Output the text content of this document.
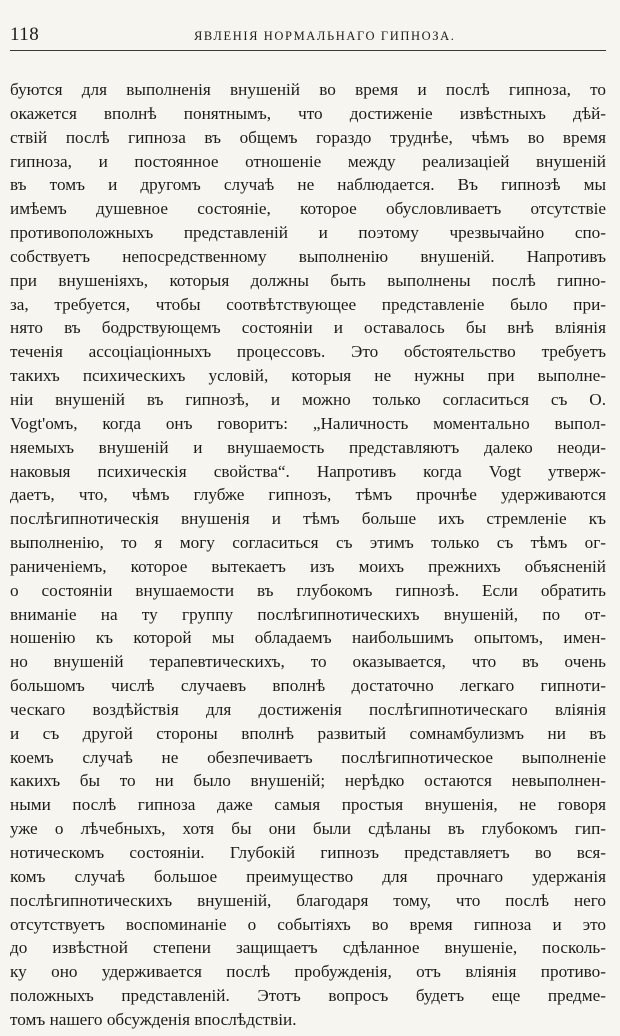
118	ЯВЛЕНІЯ НОРМАЛЬНАГО ГИПНОЗА.
буются для выполненія внушеній во время и послѣ гипноза, то
окажется вполнѣ понятнымъ, что достиженіе извѣстныхъ дѣй-
ствій послѣ гипноза въ общемъ гораздо труднѣе, чѣмъ во время
гипноза, и постоянное отношеніе между реализаціей внушеній
въ томъ и другомъ случаѣ не наблюдается. Въ гипнозѣ мы
имѣемъ душевное состояніе, которое обусловливаетъ отсутствіе
противоположныхъ представленій и поэтому чрезвычайно спо-
собствуетъ непосредственному выполненію внушеній. Напротивъ
при внушеніяхъ, которыя должны быть выполнены послѣ гипно-
за, требуется, чтобы соотвѣтствующее представленіе было при-
нято въ бодрствующемъ состояніи и оставалось бы внѣ вліянія
теченія ассоціаціонныхъ процессовъ. Это обстоятельство требуетъ
такихъ психическихъ условій, которыя не нужны при выполне-
ніи внушеній въ гипнозѣ, и можно только согласиться съ О.
Vogt'омъ, когда онъ говоритъ: „Наличность моментально выпол-
няемыхъ внушеній и внушаемость представляютъ далеко неоди-
наковыя психическія свойства“. Напротивъ когда Vogt утверж-
даетъ, что, чѣмъ глубже гипнозъ, тѣмъ прочнѣе удерживаются
послѣгипнотическія внушенія и тѣмъ больше ихъ стремленіе къ
выполненію, то я могу согласиться съ этимъ только съ тѣмъ ог-
раниченіемъ, которое вытекаетъ изъ моихъ прежнихъ объясненій
о состояніи внушаемости въ глубокомъ гипнозѣ. Если обратить
вниманіе на ту группу послѣгипнотическихъ внушеній, по от-
ношенію къ которой мы обладаемъ наибольшимъ опытомъ, имен-
но внушеній терапевтическихъ, то оказывается, что въ очень
большомъ числѣ случаевъ вполнѣ достаточно легкаго гипноти-
ческаго воздѣйствія для достиженія послѣгипнотическаго вліянія
и съ другой стороны вполнѣ развитый сомнамбулизмъ ни въ
коемъ случаѣ не обезпечиваетъ послѣгипнотическое выполненіе
какихъ бы то ни было внушеній; нерѣдко остаются невыполнен-
ными послѣ гипноза даже самыя простыя внушенія, не говоря
уже о лѣчебныхъ, хотя бы они были сдѣланы въ глубокомъ гип-
нотическомъ состояніи. Глубокій гипнозъ представляетъ во вся-
комъ случаѣ большое преимущество для прочнаго удержанія
послѣгипнотическихъ внушеній, благодаря тому, что послѣ него
отсутствуетъ воспоминаніе о событіяхъ во время гипноза и это
до извѣстной степени защищаетъ сдѣланное внушеніе, посколь-
ку оно удерживается послѣ пробужденія, отъ вліянія противо-
положныхъ представленій. Этотъ вопросъ будетъ еще предме-
томъ нашего обсужденія впослѣдствіи.
